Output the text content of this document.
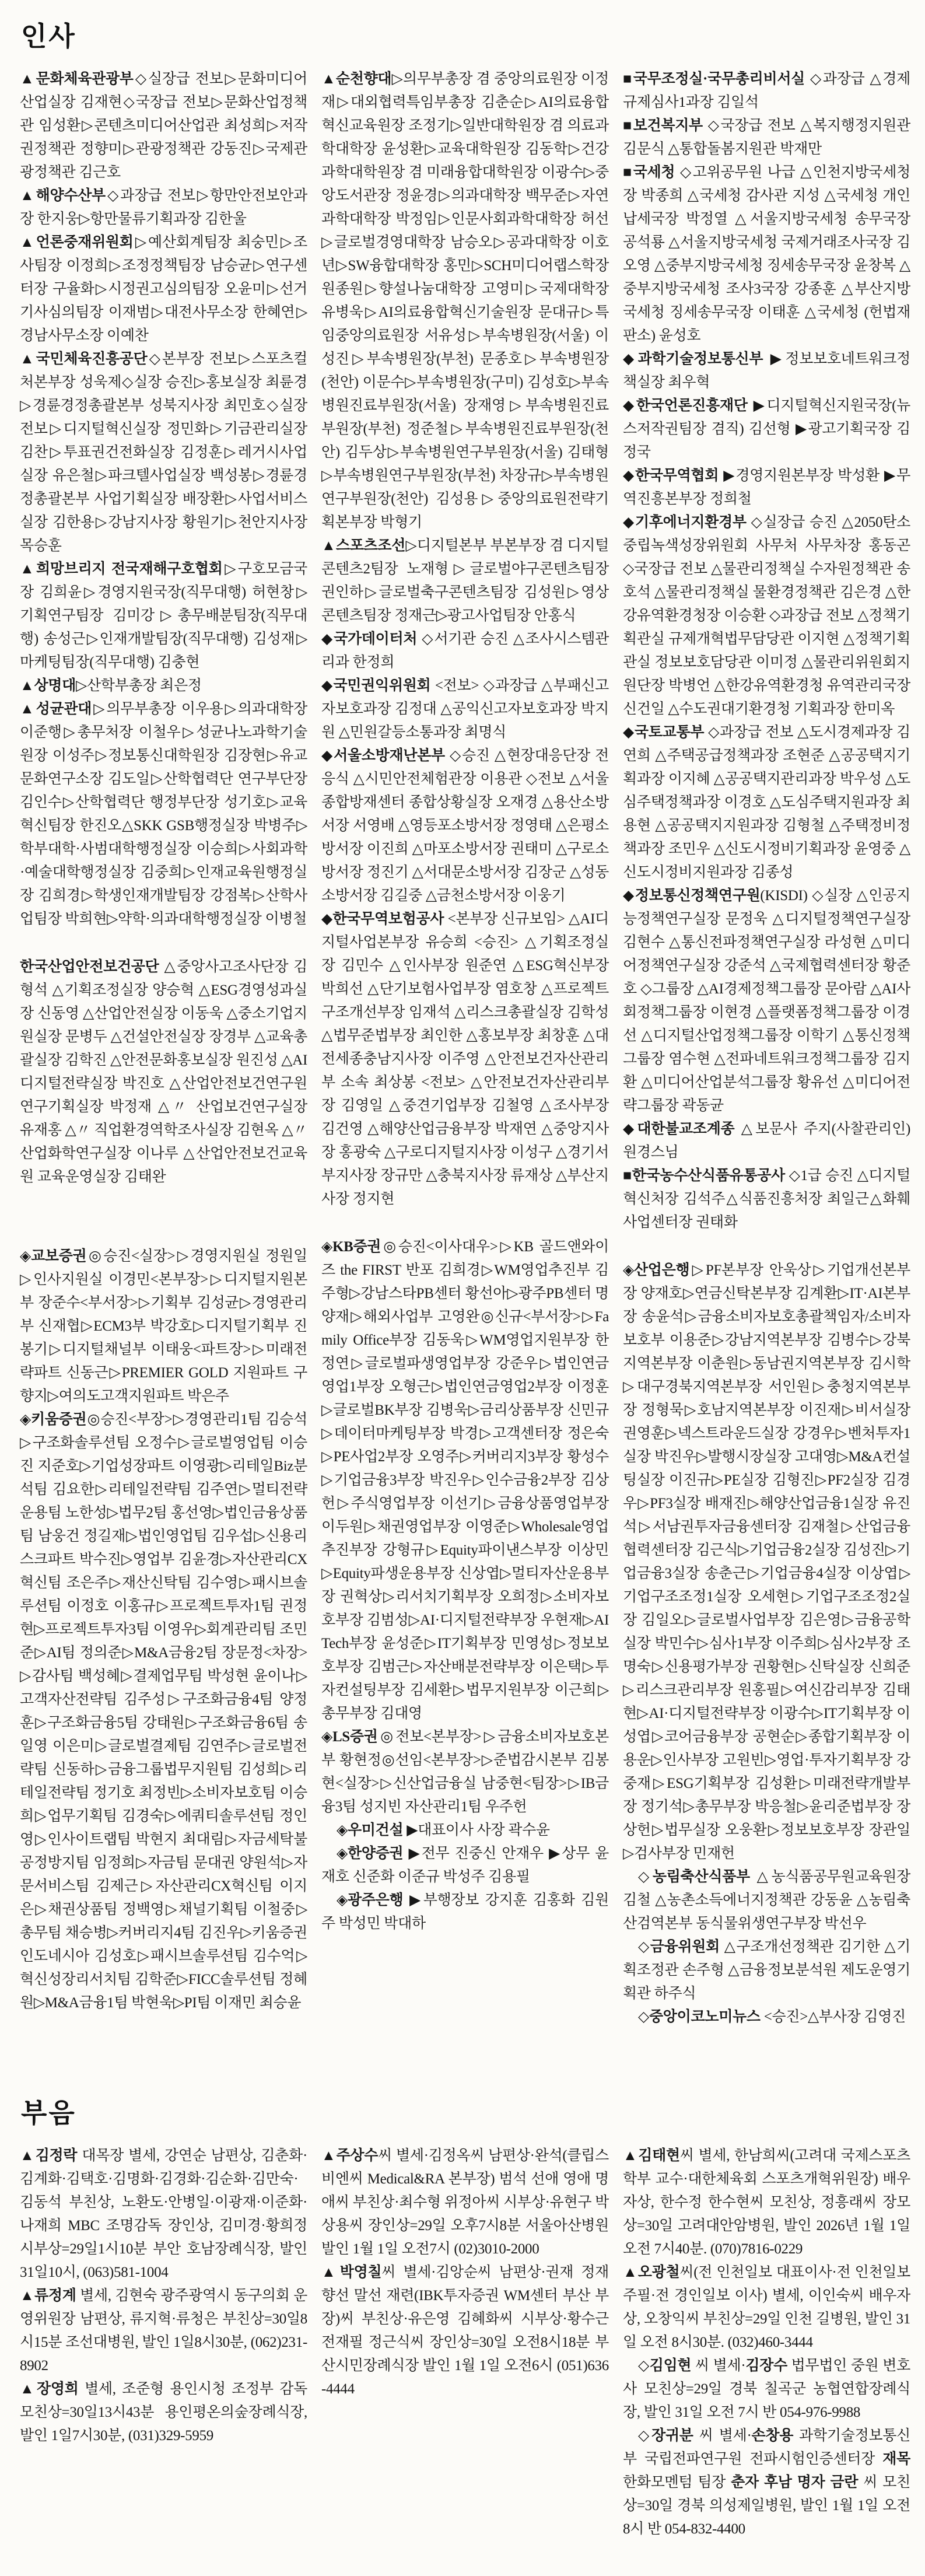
인사

▲문화체육관광부◇실장급 전보▷문화미디어산업실장 김재현◇국장급 전보▷문화산업정책관 임성환▷콘텐츠미디어산업관 최성희▷저작권정책관 정향미▷관광정책관 강동진▷국제관광정책관 김근호

▲해양수산부◇과장급 전보▷항만안전보안과장 한지웅▷항만물류기획과장 김한울

▲언론중재위원회▷예산회계팀장 최숭민▷조사팀장 이정희▷조정정책팀장 남승균▷연구센터장 구율화▷시정권고심의팀장 오윤미▷선거기사심의팀장 이재범▷대전사무소장 한혜연▷경남사무소장 이예찬

▲국민체육진흥공단◇본부장 전보▷스포츠컬처본부장 성욱제◇실장 승진▷홍보실장 최륜경▷경륜경정총괄본부 성북지사장 최민호◇실장 전보▷디지털혁신실장 정민화▷기금관리실장 김찬▷투표권건전화실장 김정훈▷레거시사업실장 유은철▷파크텔사업실장 백성봉▷경륜경정총괄본부 사업기획실장 배장환▷사업서비스실장 김한용▷강남지사장 황원기▷천안지사장 목승훈

▲희망브리지 전국재해구호협회▷구호모금국장 김희윤▷경영지원국장(직무대행) 허현창▷기획연구팀장 김미강▷총무배분팀장(직무대행) 송성근▷인재개발팀장(직무대행) 김성재▷마케팅팀장(직무대행) 김충현

▲상명대▷산학부총장 최은정

▲성균관대▷의무부총장 이우용▷의과대학장 이준행▷총무처장 이철우▷성균나노과학기술원장 이성주▷정보통신대학원장 김장현▷유교문화연구소장 김도일▷산학협력단 연구부단장 김인수▷산학협력단 행정부단장 성기호▷교육혁신팀장 한진오△SKK GSB행정실장 박병주▷학부대학·사범대학행정실장 이승희▷사회과학·예술대학행정실장 김중희▷인재교육원행정실장 김희경▷학생인재개발팀장 강점복▷산학사업팀장 박희현▷약학·의과대학행정실장 이병철

한국산업안전보건공단 △중앙사고조사단장 김형석 △기획조정실장 양승혁 △ESG경영성과실장 신동영 △산업안전실장 이동욱 △중소기업지원실장 문병두 △건설안전실장 장경부 △교육총괄실장 김학진 △안전문화홍보실장 원진성 △AI디지털전략실장 박진호 △산업안전보건연구원 연구기획실장 박정재 △〃 산업보건연구실장 유재홍 △〃 직업환경역학조사실장 김현옥 △〃 산업화학연구실장 이나루 △산업안전보건교육원 교육운영실장 김태완

◈교보증권◎승진<실장>▷경영지원실 정원일▷인사지원실 이경민<본부장>▷디지털지원본부 장준수<부서장>▷기획부 김성균▷경영관리부 신재협▷ECM3부 박강호▷디지털기획부 진봉기▷디지털채널부 이태웅<파트장>▷미래전략파트 신동근▷PREMIER GOLD 지원파트 구향지▷여의도고객지원파트 박은주

◈키움증권◎승진<부장>▷경영관리1팀 김승석▷구조화솔루션팀 오정수▷글로벌영업팀 이승진 지준호▷기업성장파트 이영광▷리테일Biz분석팀 김요한▷리테일전략팀 김주연▷멀티전략운용팀 노한성▷법무2팀 홍선영▷법인금융상품팀 남웅건 정길재▷법인영업팀 김우섭▷신용리스크파트 박수진▷영업부 김윤경▷자산관리CX혁신팀 조은주▷재산신탁팀 김수영▷패시브솔루션팀 이정호 이홍규▷프로젝트투자1팀 권정현▷프로젝트투자3팀 이영우▷회계관리팀 조민준▷AI팀 정의준▷M&A금융2팀 장문정<차장>▷감사팀 백성혜▷결제업무팀 박성현 윤이나▷고객자산전략팀 김주성▷구조화금융4팀 양정훈▷구조화금융5팀 강태원▷구조화금융6팀 송일영 이은미▷글로벌결제팀 김연주▷글로벌전략팀 신동하▷금융그룹법무지원팀 김성희▷리테일전략팀 정기호 최정빈▷소비자보호팀 이승희▷업무기획팀 김경숙▷에쿼티솔루션팀 정인영▷인사이트랩팀 박현지 최대림▷자금세탁불공정방지팀 임정희▷자금팀 문대권 양원석▷자문서비스팀 김제근▷자산관리CX혁신팀 이지은▷채권상품팀 정백영▷채널기획팀 이철중▷총무팀 채승병▷커버리지4팀 김진우▷키움증권 인도네시아 김성호▷패시브솔루션팀 김수억▷혁신성장리서치팀 김학준▷FICC솔루션팀 정혜원▷M&A금융1팀 박현욱▷PI팀 이재민 최승윤

▲순천향대▷의무부총장 겸 중앙의료원장 이정재▷대외협력특임부총장 김춘순▷AI의료융합혁신교육원장 조정기▷일반대학원장 겸 의료과학대학장 윤성환▷교육대학원장 김동학▷건강과학대학원장 겸 미래융합대학원장 이광수▷중앙도서관장 정윤경▷의과대학장 백무준▷자연과학대학장 박정임▷인문사회과학대학장 허선▷글로벌경영대학장 남승오▷공과대학장 이호년▷SW융합대학장 홍민▷SCH미디어랩스학장 원종원▷향설나눔대학장 고영미▷국제대학장 유병욱▷AI의료융합혁신기술원장 문대규▷특임중앙의료원장 서유성▷부속병원장(서울) 이성진▷부속병원장(부천) 문종호▷부속병원장(천안) 이문수▷부속병원장(구미) 김성호▷부속병원진료부원장(서울) 장재영▷부속병원진료부원장(부천) 정준철▷부속병원진료부원장(천안) 김두상▷부속병원연구부원장(서울) 김태형▷부속병원연구부원장(부천) 차장규▷부속병원연구부원장(천안) 김성용▷중앙의료원전략기획본부장 박형기

▲스포츠조선▷디지털본부 부본부장 겸 디지털콘텐츠2팀장 노재형▷글로벌야구콘텐츠팀장 권인하▷글로벌축구콘텐츠팀장 김성원▷영상콘텐츠팀장 정재근▷광고사업팀장 안홍식

◆국가데이터처 ◇서기관 승진 △조사시스템관리과 한정희

◆국민권익위원회 <전보> ◇과장급 △부패신고자보호과장 김정대 △공익신고자보호과장 박지원 △민원갈등소통과장 최명식

◆서울소방재난본부 ◇승진 △현장대응단장 전응식 △시민안전체험관장 이용관 ◇전보 △서울종합방재센터 종합상황실장 오재경 △용산소방서장 서영배 △영등포소방서장 정영태 △은평소방서장 이진희 △마포소방서장 권태미 △구로소방서장 정진기 △서대문소방서장 김장군 △성동소방서장 김길중 △금천소방서장 이웅기

◆한국무역보험공사 <본부장 신규보임> △AI디지털사업본부장 유승희 <승진> △기획조정실장 김민수 △인사부장 원준연 △ESG혁신부장 박희선 △단기보험사업부장 염호창 △프로젝트구조개선부장 임재석 △리스크총괄실장 김학성 △법무준법부장 최인한 △홍보부장 최창훈 △대전세종충남지사장 이주영 △안전보건자산관리부 소속 최상봉 <전보> △안전보건자산관리부장 김영일 △중견기업부장 김철영 △조사부장 김건영 △해양산업금융부장 박재연 △중앙지사장 홍광숙 △구로디지털지사장 이성구 △경기서부지사장 장규만 △충북지사장 류재상 △부산지사장 정지현

◈KB증권◎승진<이사대우>▷KB 골드앤와이즈 the FIRST 반포 김희경▷WM영업추진부 김주형▷강남스타PB센터 황선아▷광주PB센터 명양재▷해외사업부 고영완◎신규<부서장>▷Family Office부장 김동욱▷WM영업지원부장 한정연▷글로벌파생영업부장 강준우▷법인연금영업1부장 오형근▷법인연금영업2부장 이정훈▷글로벌BK부장 김병욱▷금리상품부장 신민규▷데이터마케팅부장 박경▷고객센터장 정은숙▷PE사업2부장 오영주▷커버리지3부장 황성수▷기업금융3부장 박진우▷인수금융2부장 김상헌▷주식영업부장 이선기▷금융상품영업부장 이두원▷채권영업부장 이영준▷Wholesale영업추진부장 강형규▷Equity파이낸스부장 이상민▷Equity파생운용부장 신상엽▷멀티자산운용부장 권혁상▷리서치기획부장 오희정▷소비자보호부장 김범성▷AI·디지털전략부장 우현재▷AI Tech부장 윤성준▷IT기획부장 민영성▷정보보호부장 김범근▷자산배분전략부장 이은택▷투자컨설팅부장 김세환▷법무지원부장 이근희▷총무부장 김대영

◈LS증권◎전보<본부장>▷금융소비자보호본부 황현정◎선임<본부장>▷준법감시본부 김봉현<실장>▷신산업금융실 남중현<팀장>▷IB금융3팀 성지빈 자산관리1팀 우주헌

◈우미건설 ▶대표이사 사장 곽수윤

◈한양증권 ▶전무 진중신 안재우 ▶상무 윤재호 신준화 이준규 박성주 김용필

◈광주은행 ▶부행장보 강지훈 김홍화 김원주 박성민 박대하

■국무조정실·국무총리비서실 ◇과장급 △경제규제심사1과장 김일석

■보건복지부 ◇국장급 전보 △복지행정지원관 김문식 △통합돌봄지원관 박재만

■국세청 ◇고위공무원 나급 △인천지방국세청장 박종희 △국세청 감사관 지성 △국세청 개인납세국장 박정열 △서울지방국세청 송무국장 공석룡 △서울지방국세청 국제거래조사국장 김오영 △중부지방국세청 징세송무국장 윤창복 △중부지방국세청 조사3국장 강종훈 △부산지방국세청 징세송무국장 이태훈 △국세청 (헌법재판소) 윤성호

◆과학기술정보통신부 ▶정보보호네트워크정책실장 최우혁

◆한국언론진흥재단 ▶디지털혁신지원국장(뉴스저작권팀장 겸직) 김선형 ▶광고기획국장 김정국

◆한국무역협회 ▶경영지원본부장 박성환 ▶무역진흥본부장 정희철

◆기후에너지환경부 ◇실장급 승진 △2050탄소중립녹색성장위원회 사무처 사무차장 홍동곤 ◇국장급 전보 △물관리정책실 수자원정책관 송호석 △물관리정책실 물환경정책관 김은경 △한강유역환경청장 이승환 ◇과장급 전보 △정책기획관실 규제개혁법무담당관 이지현 △정책기획관실 정보보호담당관 이미정 △물관리위원회지원단장 박병언 △한강유역환경청 유역관리국장 신건일 △수도권대기환경청 기획과장 한미옥

◆국토교통부 ◇과장급 전보 △도시경제과장 김연희 △주택공급정책과장 조현준 △공공택지기획과장 이지혜 △공공택지관리과장 박우성 △도심주택정책과장 이경호 △도심주택지원과장 최용현 △공공택지지원과장 김형철 △주택정비정책과장 조민우 △신도시정비기획과장 윤영중 △신도시정비지원과장 김종성

◆정보통신정책연구원(KISDI) ◇실장 △인공지능정책연구실장 문정욱 △디지털정책연구실장 김현수 △통신전파정책연구실장 라성현 △미디어정책연구실장 강준석 △국제협력센터장 황준호 ◇그룹장 △AI경제정책그룹장 문아람 △AI사회정책그룹장 이현경 △플랫폼정책그룹장 이경선 △디지털산업정책그룹장 이학기 △통신정책그룹장 염수현 △전파네트워크정책그룹장 김지환 △미디어산업분석그룹장 황유선 △미디어전략그룹장 곽동균

◆대한불교조계종 △보문사 주지(사찰관리인) 원경스님

■한국농수산식품유통공사 ◇1급 승진 △디지털혁신처장 김석주△식품진흥처장 최일근△화훼사업센터장 권태화

◈산업은행▷PF본부장 안욱상▷기업개선본부장 양재호▷연금신탁본부장 김계환▷IT·AI본부장 송윤석▷금융소비자보호총괄책임자/소비자보호부 이용준▷강남지역본부장 김병수▷강북지역본부장 이춘원▷동남권지역본부장 김시학▷대구경북지역본부장 서인원▷충청지역본부장 정형묵▷호남지역본부장 이진재▷비서실장 권영훈▷넥스트라운드실장 강경우▷벤처투자1실장 박진우▷발행시장실장 고대영▷M&A컨설팅실장 이진규▷PE실장 김형진▷PF2실장 김경우▷PF3실장 배재진▷해양산업금융1실장 유진석▷서남권투자금융센터장 김재철▷산업금융협력센터장 김근식▷기업금융2실장 김성진▷기업금융3실장 송춘근▷기업금융4실장 이상엽▷기업구조조정1실장 오세현▷기업구조조정2실장 김일오▷글로벌사업부장 김은영▷금융공학실장 박민수▷심사1부장 이주희▷심사2부장 조명숙▷신용평가부장 권황현▷신탁실장 신희준▷리스크관리부장 원홍필▷여신감리부장 김태현▷AI·디지털전략부장 이광수▷IT기획부장 이성엽▷코어금융부장 공현순▷종합기획부장 이용운▷인사부장 고원빈▷영업·투자기획부장 강중재▷ESG기획부장 김성환▷미래전략개발부장 정기석▷총무부장 박응철▷윤리준법부장 장상헌▷법무실장 오웅환▷정보보호부장 장관일▷검사부장 민재헌

◇농림축산식품부 △농식품공무원교육원장 김철 △농촌소득에너지정책관 강동윤 △농림축산검역본부 동식물위생연구부장 박선우

◇금융위원회 △구조개선정책관 김기한 △기획조정관 손주형 △금융정보분석원 제도운영기획관 하주식

◇중앙이코노미뉴스 <승진>△부사장 김영진

부음

▲김정락 대목장 별세, 강연순 남편상, 김춘화·김계화·김택호·김명화·김경화·김순화·김만숙·김동석 부친상, 노환도·안병일·이광재·이준화·나재희 MBC 조명감독 장인상, 김미경·황희정 시부상=29일1시10분 부안 호남장례식장, 발인 31일10시, (063)581-1004

▲류정계 별세, 김현숙 광주광역시 동구의회 운영위원장 남편상, 류지혁·류청은 부친상=30일8시15분 조선대병원, 발인 1일8시30분, (062)231-8902

▲장영희 별세, 조준형 용인시청 조정부 감독 모친상=30일13시43분 용인평온의숲장례식장, 발인 1일7시30분, (031)329-5959

▲주상수씨 별세·김정옥씨 남편상·완석(클립스비엔씨 Medical&RA 본부장) 범석 선애 영애 명애씨 부친상·최수형 위정아씨 시부상·유현구 박상용씨 장인상=29일 오후7시8분 서울아산병원 발인 1월 1일 오전7시 (02)3010-2000

▲박영칠씨 별세·김앙순씨 남편상·권재 정재 향선 말선 재련(IBK투자증권 WM센터 부산 부장)씨 부친상·유은영 김혜화씨 시부상·황수근 전재필 정근식씨 장인상=30일 오전8시18분 부산시민장례식장 발인 1월 1일 오전6시 (051)636-4444

▲김태현씨 별세, 한남희씨(고려대 국제스포츠학부 교수·대한체육회 스포츠개혁위원장) 배우자상, 한수정 한수현씨 모친상, 정흥래씨 장모상=30일 고려대안암병원, 발인 2026년 1월 1일 오전 7시40분. (070)7816-0229

▲오광철씨(전 인천일보 대표이사·전 인천일보 주필·전 경인일보 이사) 별세, 이인숙씨 배우자상, 오창익씨 부친상=29일 인천 길병원, 발인 31일 오전 8시30분. (032)460-3444

◇김임현 씨 별세·김장수 법무법인 중원 변호사 모친상=29일 경북 칠곡군 농협연합장례식장, 발인 31일 오전 7시 반 054-976-9988

◇장귀분 씨 별세·손창용 과학기술정보통신부 국립전파연구원 전파시험인증센터장 재목 한화모멘텀 팀장 춘자 후남 명자 금란 씨 모친상=30일 경북 의성제일병원, 발인 1월 1일 오전 8시 반 054-832-4400
